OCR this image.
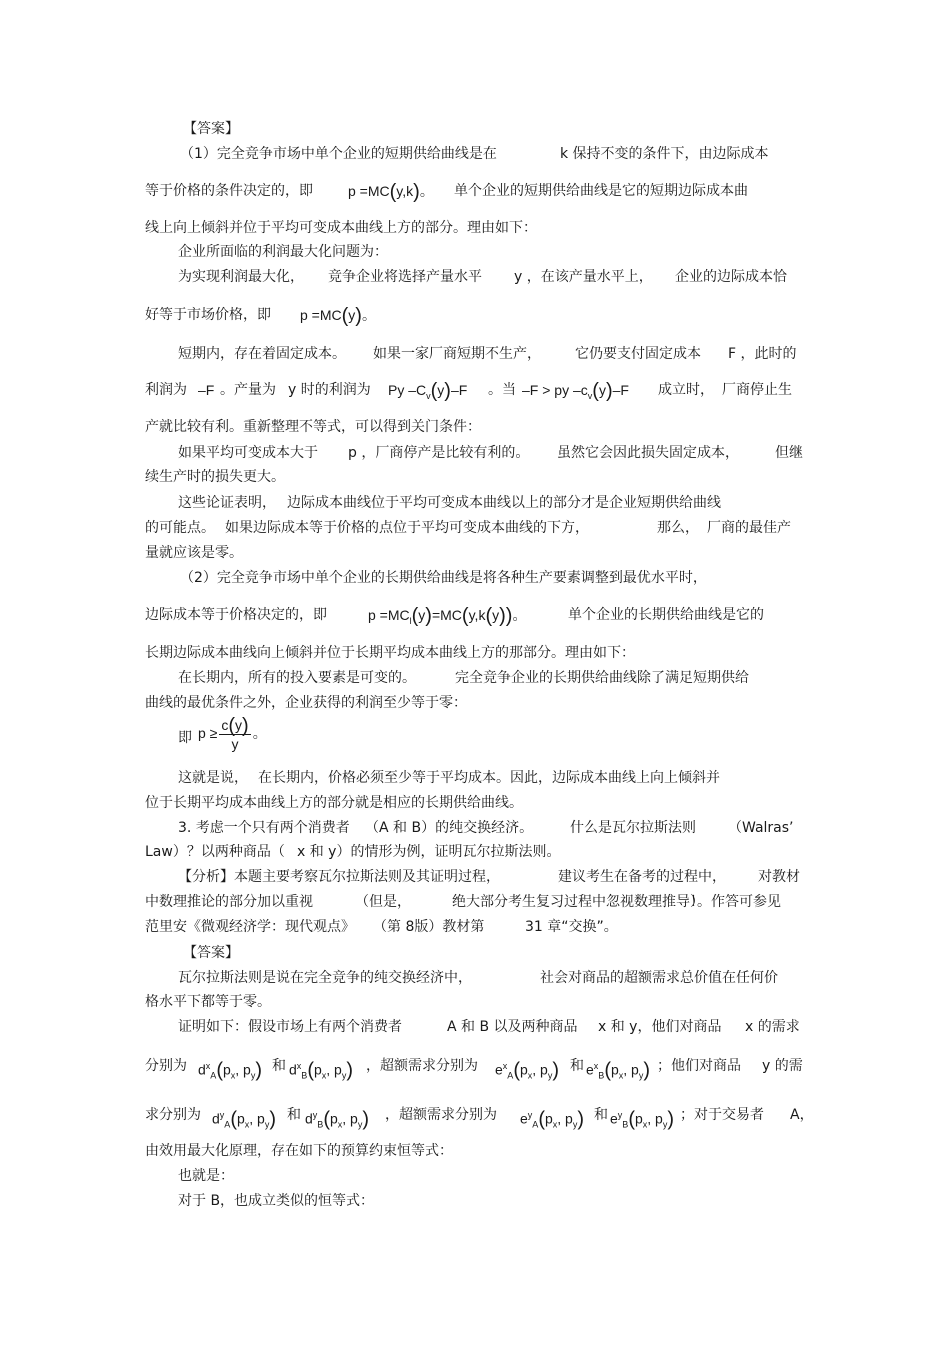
【答案】
（1）完全竞争市场中单个企业的短期供给曲线是在	k 保持不变的条件下，由边际成本
等于价格的条件决定的，即	p =MC(y,k)。 单个企业的短期供给曲线是它的短期边际成本曲
线上向上倾斜并位于平均可变成本曲线上方的部分。理由如下：
企业所面临的利润最大化问题为：
为实现利润最大化， 竞争企业将选择产量水平 y ，在该产量水平上， 企业的边际成本恰
好等于市场价格，即 p =MC(y)。
短期内，存在着固定成本。 如果一家厂商短期不生产， 它仍要支付固定成本 F ，此时的
利润为 –F 。产量为 y 时的利润为 Py $-C_v(y)-F$ 。当 –F > py $-c_v(y)-F$ 成立时， 厂商停止生
产就比较有利。重新整理不等式，可以得到关门条件：
如果平均可变成本大于 p ，厂商停产是比较有利的。 虽然它会因此损失固定成本，	但继
续生产时的损失更大。
这些论证表明， 边际成本曲线位于平均可变成本曲线以上的部分才是企业短期供给曲线
的可能点。 如果边际成本等于价格的点位于平均可变成本曲线的下方，	那么， 厂商的最佳产
量就应该是零。
（2）完全竞争市场中单个企业的长期供给曲线是将各种生产要素调整到最优水平时，
边际成本等于价格决定的，即	$p =MC_l(y)=MC(y,k(y))$。	单个企业的长期供给曲线是它的
长期边际成本曲线向上倾斜并位于长期平均成本曲线上方的那部分。理由如下：
在长期内，所有的投入要素是可变的。	完全竞争企业的长期供给曲线除了满足短期供给
曲线的最优条件之外，企业获得的利润至少等于零：
即 $p \ge \frac{c(y)}{y}$ 。
这就是说， 在长期内，价格必须至少等于平均成本。因此，边际成本曲线上向上倾斜并
位于长期平均成本曲线上方的部分就是相应的长期供给曲线。
3. 考虑一个只有两个消费者 （A 和 B）的纯交换经济。	什么是瓦尔拉斯法则 （Walras’
Law）？以两种商品（ x 和 y）的情形为例，证明瓦尔拉斯法则。
【分析】本题主要考察瓦尔拉斯法则及其证明过程，	建议考生在备考的过程中， 对教材
中数理推论的部分加以重视	（但是，	绝大部分考生复习过程中忽视数理推导！
）。作答可参见
范里安《微观经济学：现代观点》 （第 8版）教材第	31 章“交换”。
【答案】
瓦尔拉斯法则是说在完全竞争的纯交换经济中，	社会对商品的超额需求总价值在任何价
格水平下都等于零。
证明如下：假设市场上有两个消费者	A 和 B 以及两种商品 x 和 y，他们对商品 x 的需求
分别为 $d^x_A(p_x$, $p_y$) 和 $d^x_B(p_x$, $p_y$) ，超额需求分别为 $e^x_A(p_x$, $p_y$) 和 $e^x_B(p_x$, $p_y$) ；他们对商品 y 的需
求分别为 $d^y_A(p_x$, $p_y$) 和 $d^y_B(p_x$, $p_y$) ，超额需求分别为 $e^y_A(p_x$, $p_y$) 和 $e^y_B(p_x$, $p_y$) ；对于交易者 A，
由效用最大化原理，存在如下的预算约束恒等式：
也就是：
对于 B，也成立类似的恒等式：
